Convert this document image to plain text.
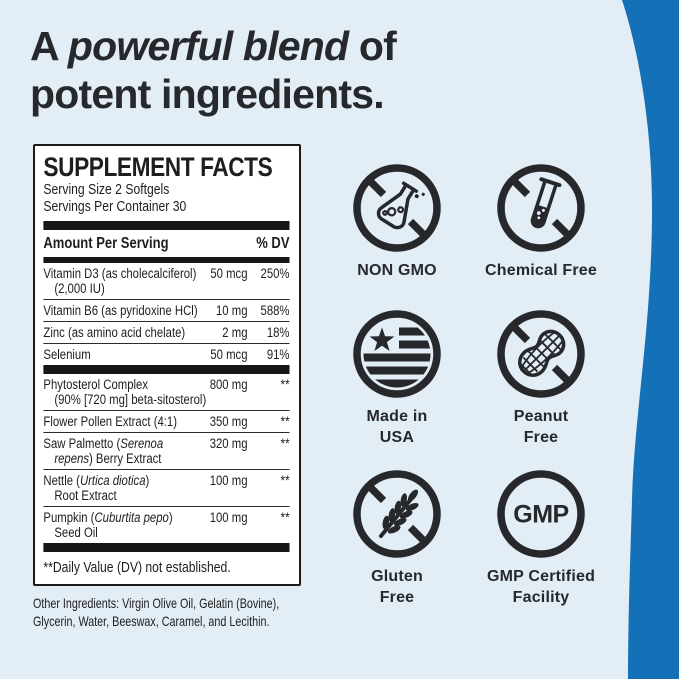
A powerful blend of
potent ingredients.
SUPPLEMENT FACTS
Serving Size 2 Softgels
Servings Per Container 30
Amount Per Serving	% DV
Vitamin D3 (as cholecalciferol)
(2,000 IU)
50 mcg 250%
Vitamin B6 (as pyridoxine HCl)	10 mg 588%
Zinc (as amino acid chelate)	2 mg	18%
Selenium	50 mcg	91%
Phytosterol Complex
(90% [720 mg] beta-sitosterol)
800 mg	**
Flower Pollen Extract (4:1)	350 mg	**
Saw Palmetto (Serenoa
repens) Berry Extract
320 mg	**
Nettle (Urtica diotica)
Root Extract
100 mg	**
Pumpkin (Cuburtita pepo)
Seed Oil
100 mg	**
**Daily Value (DV) not established.
Other Ingredients: Virgin Olive Oil, Gelatin (Bovine), Glycerin, Water, Beeswax, Caramel, and Lecithin.
NON GMO	Chemical Free
Made in
USA
Peanut
Free
Gluten
Free
GMP
GMP Certified
Facility
